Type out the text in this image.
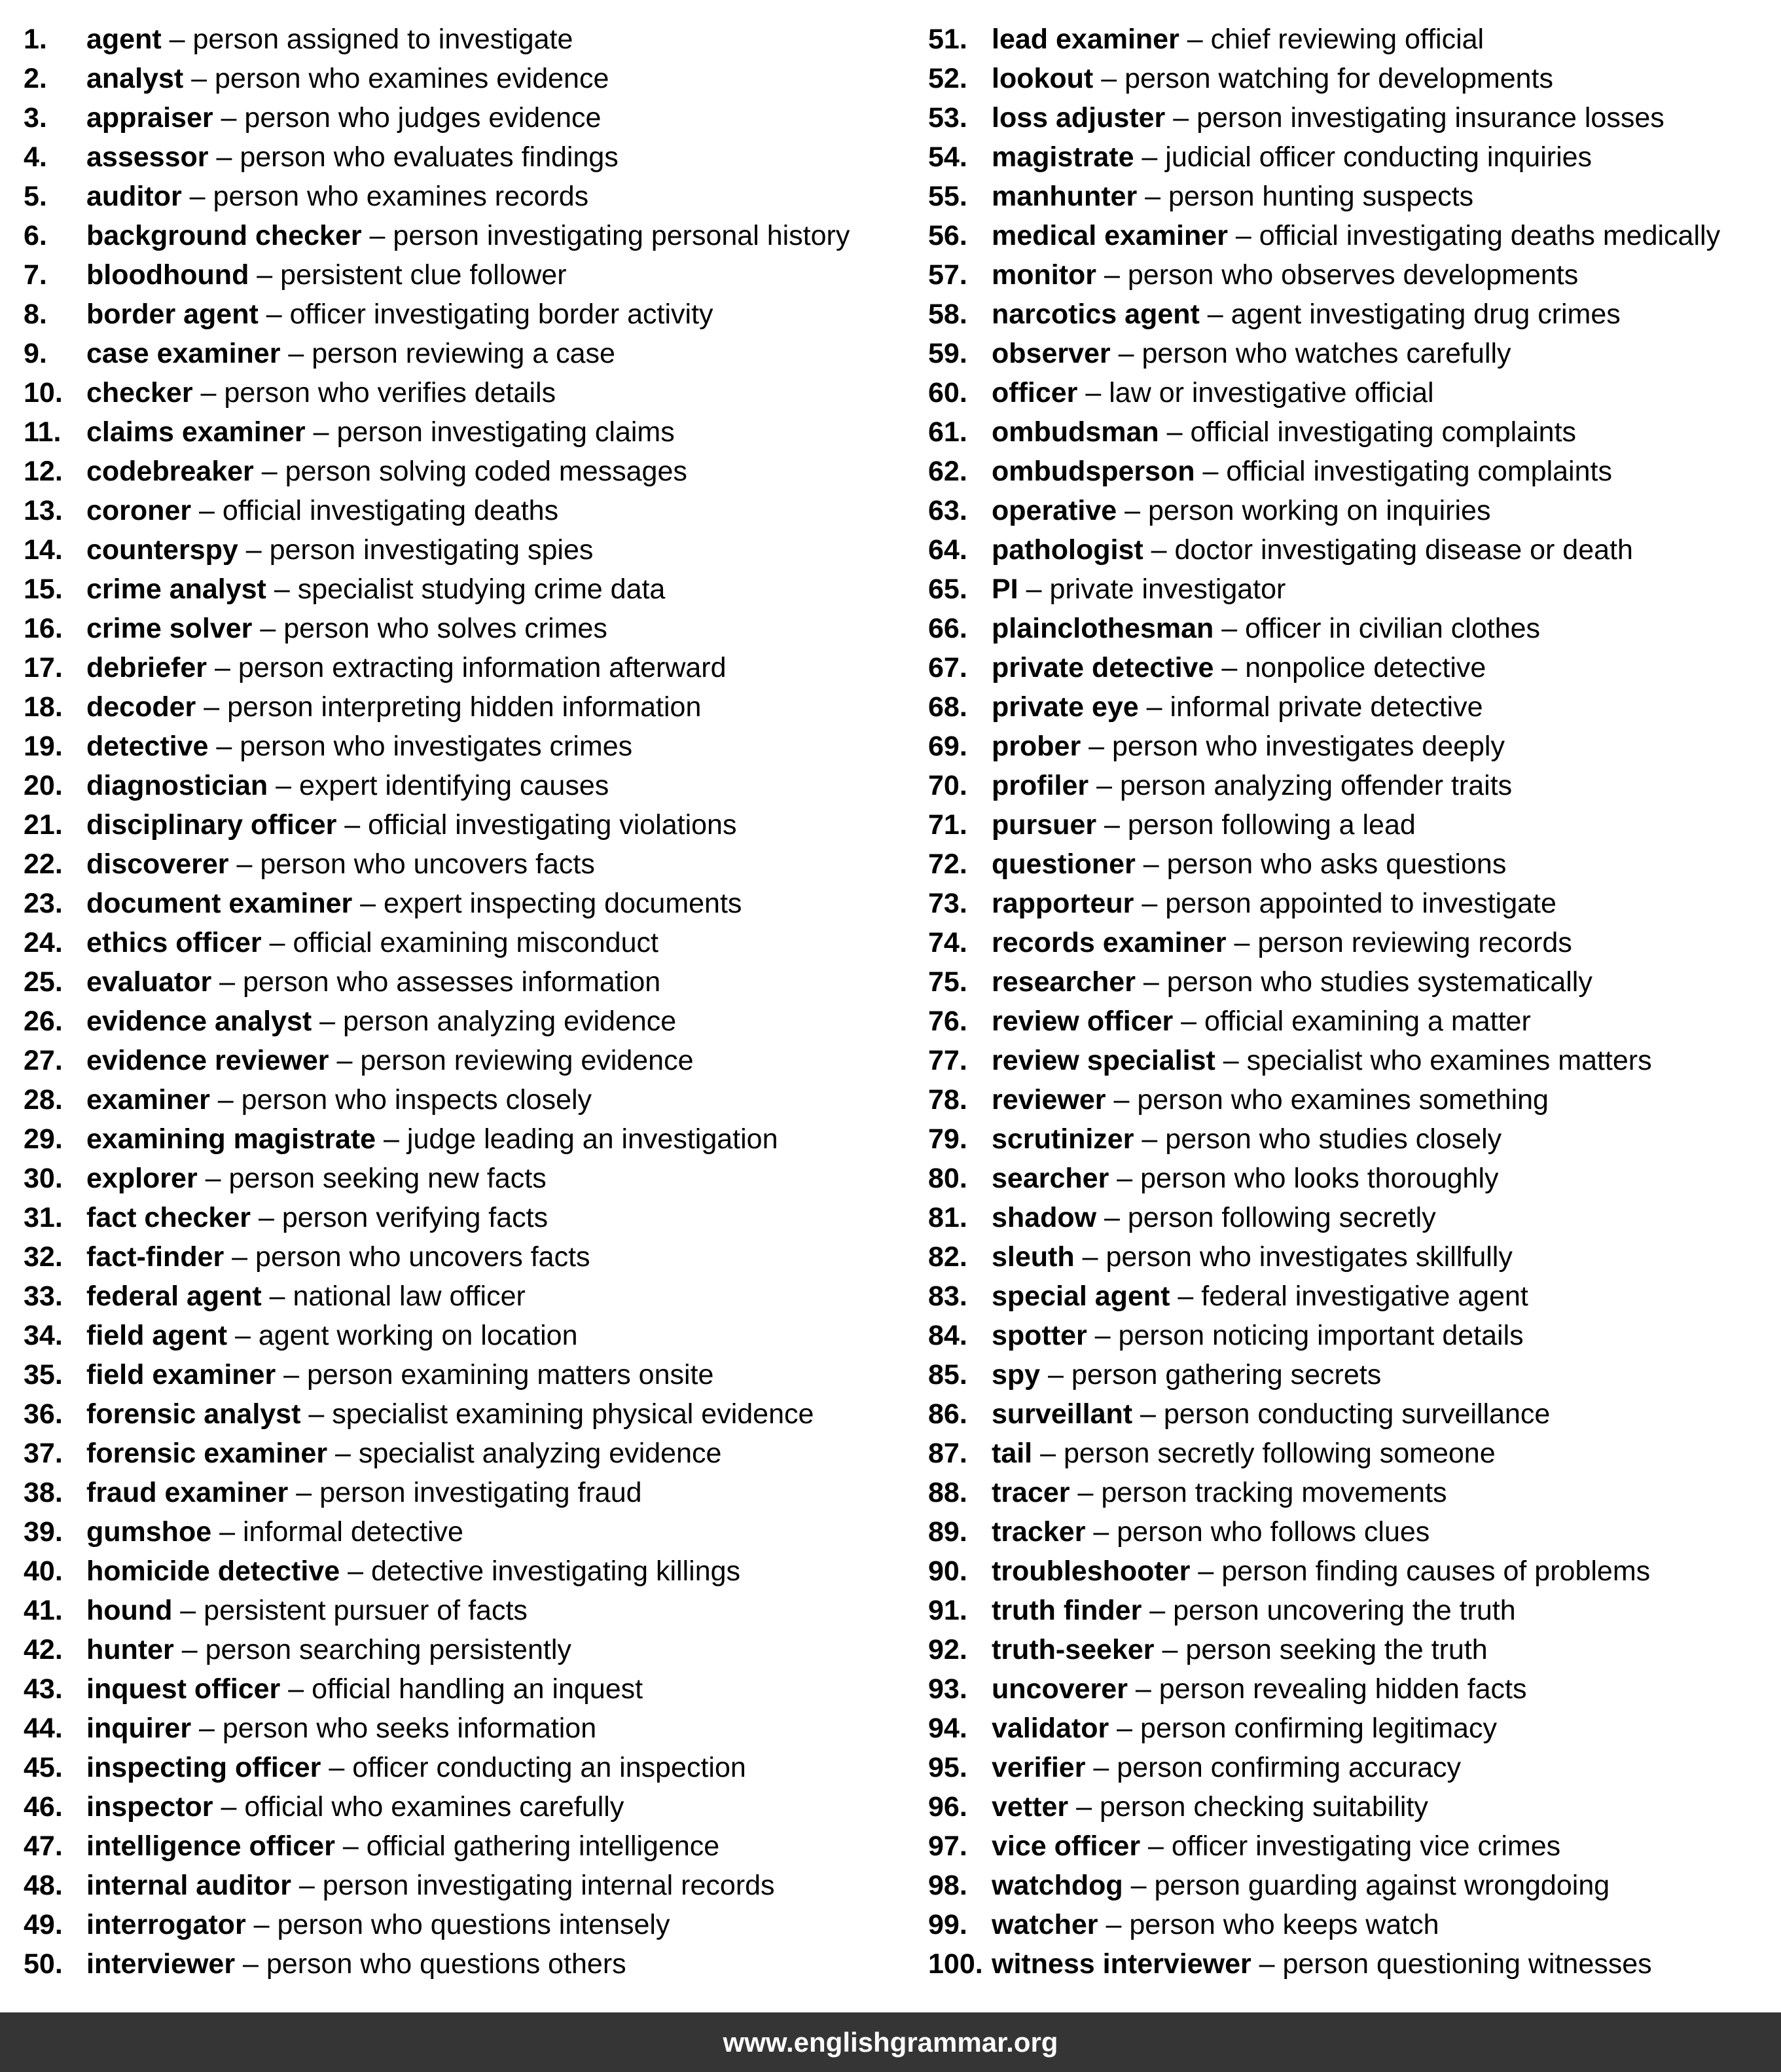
1. agent – person assigned to investigate
2. analyst – person who examines evidence
3. appraiser – person who judges evidence
4. assessor – person who evaluates findings
5. auditor – person who examines records
6. background checker – person investigating personal history
7. bloodhound – persistent clue follower
8. border agent – officer investigating border activity
9. case examiner – person reviewing a case
10. checker – person who verifies details
11. claims examiner – person investigating claims
12. codebreaker – person solving coded messages
13. coroner – official investigating deaths
14. counterspy – person investigating spies
15. crime analyst – specialist studying crime data
16. crime solver – person who solves crimes
17. debriefer – person extracting information afterward
18. decoder – person interpreting hidden information
19. detective – person who investigates crimes
20. diagnostician – expert identifying causes
21. disciplinary officer – official investigating violations
22. discoverer – person who uncovers facts
23. document examiner – expert inspecting documents
24. ethics officer – official examining misconduct
25. evaluator – person who assesses information
26. evidence analyst – person analyzing evidence
27. evidence reviewer – person reviewing evidence
28. examiner – person who inspects closely
29. examining magistrate – judge leading an investigation
30. explorer – person seeking new facts
31. fact checker – person verifying facts
32. fact-finder – person who uncovers facts
33. federal agent – national law officer
34. field agent – agent working on location
35. field examiner – person examining matters onsite
36. forensic analyst – specialist examining physical evidence
37. forensic examiner – specialist analyzing evidence
38. fraud examiner – person investigating fraud
39. gumshoe – informal detective
40. homicide detective – detective investigating killings
41. hound – persistent pursuer of facts
42. hunter – person searching persistently
43. inquest officer – official handling an inquest
44. inquirer – person who seeks information
45. inspecting officer – officer conducting an inspection
46. inspector – official who examines carefully
47. intelligence officer – official gathering intelligence
48. internal auditor – person investigating internal records
49. interrogator – person who questions intensely
50. interviewer – person who questions others
51. lead examiner – chief reviewing official
52. lookout – person watching for developments
53. loss adjuster – person investigating insurance losses
54. magistrate – judicial officer conducting inquiries
55. manhunter – person hunting suspects
56. medical examiner – official investigating deaths medically
57. monitor – person who observes developments
58. narcotics agent – agent investigating drug crimes
59. observer – person who watches carefully
60. officer – law or investigative official
61. ombudsman – official investigating complaints
62. ombudsperson – official investigating complaints
63. operative – person working on inquiries
64. pathologist – doctor investigating disease or death
65. PI – private investigator
66. plainclothesman – officer in civilian clothes
67. private detective – nonpolice detective
68. private eye – informal private detective
69. prober – person who investigates deeply
70. profiler – person analyzing offender traits
71. pursuer – person following a lead
72. questioner – person who asks questions
73. rapporteur – person appointed to investigate
74. records examiner – person reviewing records
75. researcher – person who studies systematically
76. review officer – official examining a matter
77. review specialist – specialist who examines matters
78. reviewer – person who examines something
79. scrutinizer – person who studies closely
80. searcher – person who looks thoroughly
81. shadow – person following secretly
82. sleuth – person who investigates skillfully
83. special agent – federal investigative agent
84. spotter – person noticing important details
85. spy – person gathering secrets
86. surveillant – person conducting surveillance
87. tail – person secretly following someone
88. tracer – person tracking movements
89. tracker – person who follows clues
90. troubleshooter – person finding causes of problems
91. truth finder – person uncovering the truth
92. truth-seeker – person seeking the truth
93. uncoverer – person revealing hidden facts
94. validator – person confirming legitimacy
95. verifier – person confirming accuracy
96. vetter – person checking suitability
97. vice officer – officer investigating vice crimes
98. watchdog – person guarding against wrongdoing
99. watcher – person who keeps watch
100. witness interviewer – person questioning witnesses
www.englishgrammar.org
